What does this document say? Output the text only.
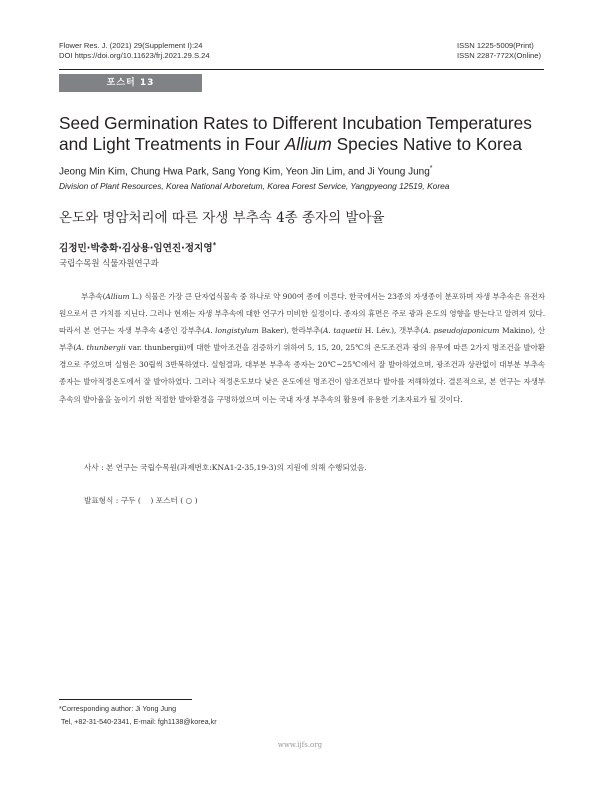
Flower Res. J. (2021) 29(Supplement I):24
DOI https://doi.org/10.11623/frj.2021.29.S.24
ISSN 1225-5009(Print)
ISSN 2287-772X(Online)
포스터 13
Seed Germination Rates to Different Incubation Temperatures and Light Treatments in Four Allium Species Native to Korea
Jeong Min Kim, Chung Hwa Park, Sang Yong Kim, Yeon Jin Lim, and Ji Young Jung*
Division of Plant Resources, Korea National Arboretum, Korea Forest Service, Yangpyeong 12519, Korea
온도와 명암처리에 따른 자생 부추속 4종 종자의 발아율
김정민·박충화·김상용·임연진·정지영*
국립수목원 식물자원연구과
부추속(Allium L.) 식물은 가장 큰 단자엽식물속 중 하나로 약 900여 종에 이른다. 한국에서는 23종의 자생종이 분포하며 자생 부추속은 유전자원으로서 큰 가치를 지닌다. 그러나 현재는 자생 부추속에 대한 연구가 미비한 실정이다. 종자의 휴면은 주로 광과 온도의 영향을 받는다고 알려져 있다. 따라서 본 연구는 자생 부추속 4종인 강부추(A. longistylum Baker), 한라부추(A. taquetii H. Lév.), 갯부추(A. pseudojaponicum Makino), 산부추(A. thunbergii var. thunbergii)에 대한 발아조건을 검증하기 위하여 5, 15, 20, 25℃의 온도조건과 광의 유무에 따른 2가지 명조건을 발아환경으로 주었으며 실험은 30립씩 3반복하였다. 실험결과, 대부분 부추속 종자는 20℃~25℃에서 잘 발아하였으며, 광조건과 상관없이 대부분 부추속 종자는 발아적정온도에서 잘 발아하였다. 그러나 적정온도보다 낮은 온도에선 명조건이 암조건보다 발아를 저해하였다. 결론적으로, 본 연구는 자생부추속의 발아율을 높이기 위한 적절한 발아환경을 구명하였으며 이는 국내 자생 부추속의 활용에 유용한 기초자료가 될 것이다.
사사 : 본 연구는 국립수목원(과제번호:KNA1-2-35,19-3)의 지원에 의해 수행되었음.
발표형식 : 구두 (    ) 포스터 ( ○ )
*Corresponding author: Ji Yong Jung
Tel, +82-31-540-2341, E-mail: fgh1138@korea,kr
www.ijfs.org
